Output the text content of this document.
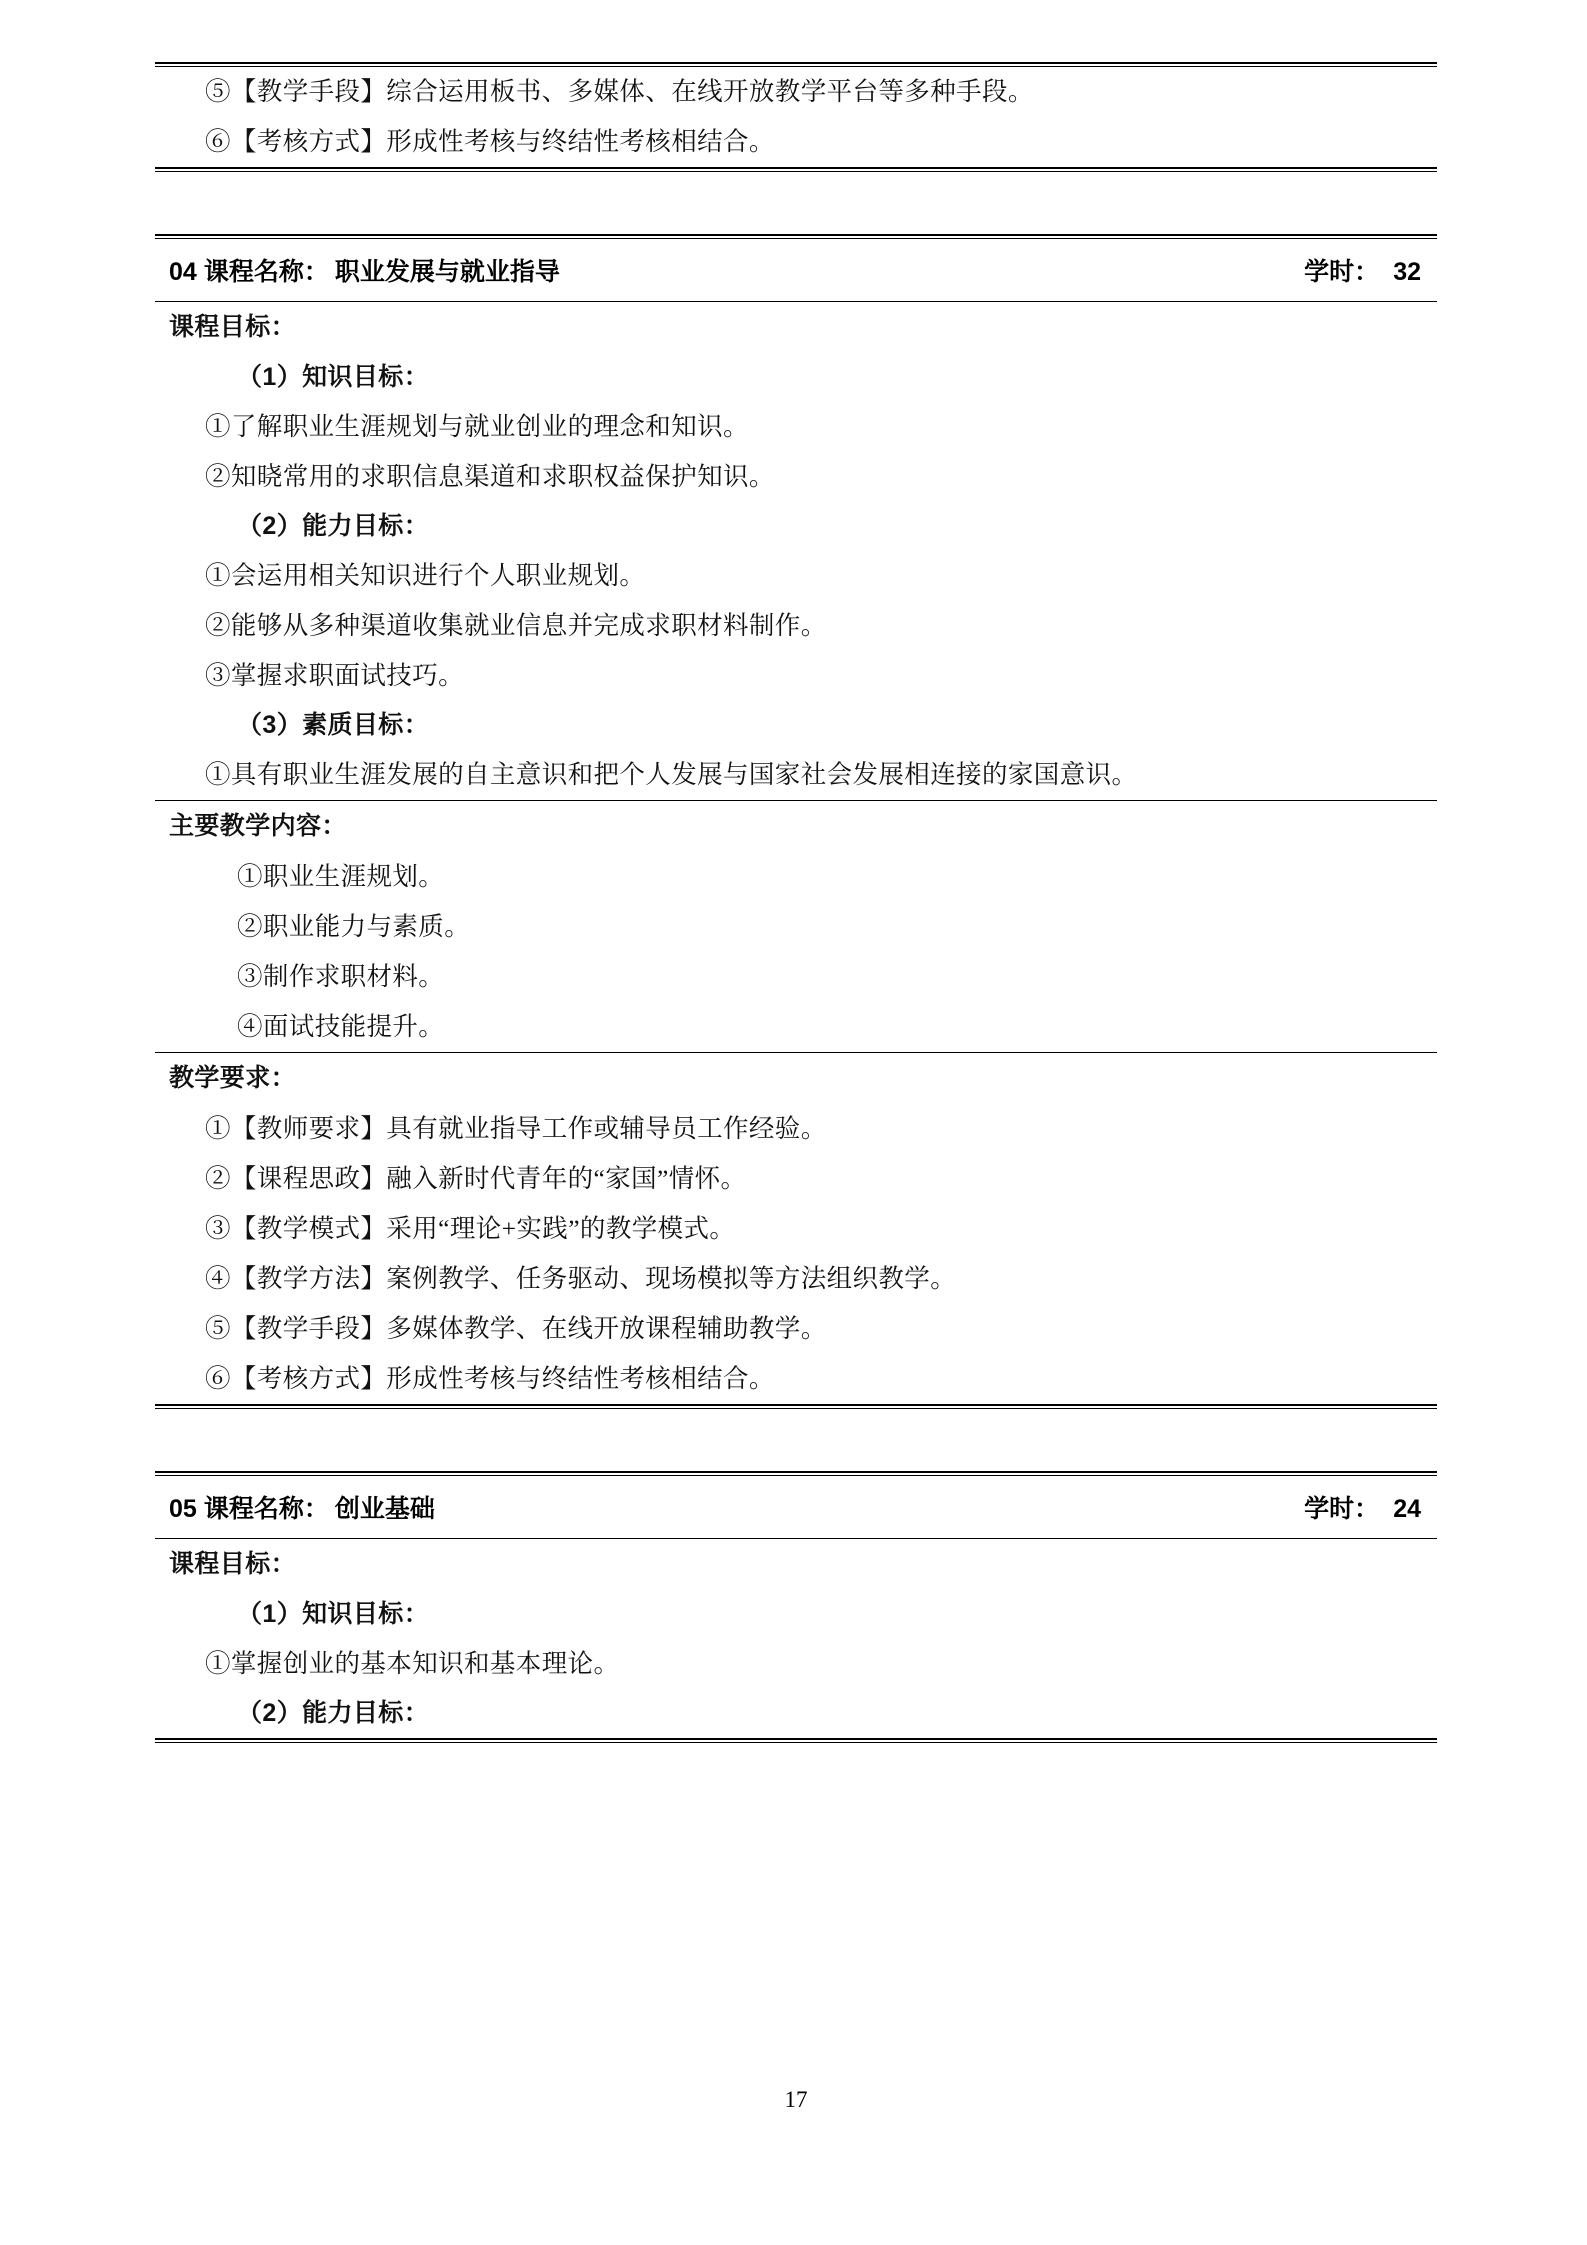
⑤【教学手段】综合运用板书、多媒体、在线开放教学平台等多种手段。
⑥【考核方式】形成性考核与终结性考核相结合。
04 课程名称： 职业发展与就业指导	学时： 32
课程目标：
（1）知识目标：
①了解职业生涯规划与就业创业的理念和知识。
②知晓常用的求职信息渠道和求职权益保护知识。
（2）能力目标：
①会运用相关知识进行个人职业规划。
②能够从多种渠道收集就业信息并完成求职材料制作。
③掌握求职面试技巧。
（3）素质目标：
①具有职业生涯发展的自主意识和把个人发展与国家社会发展相连接的家国意识。
主要教学内容：
①职业生涯规划。
②职业能力与素质。
③制作求职材料。
④面试技能提升。
教学要求：
①【教师要求】具有就业指导工作或辅导员工作经验。
②【课程思政】融入新时代青年的“家国”情怀。
③【教学模式】采用“理论+实践”的教学模式。
④【教学方法】案例教学、任务驱动、现场模拟等方法组织教学。
⑤【教学手段】多媒体教学、在线开放课程辅助教学。
⑥【考核方式】形成性考核与终结性考核相结合。
05 课程名称： 创业基础	学时： 24
课程目标：
（1）知识目标：
①掌握创业的基本知识和基本理论。
（2）能力目标：
17
